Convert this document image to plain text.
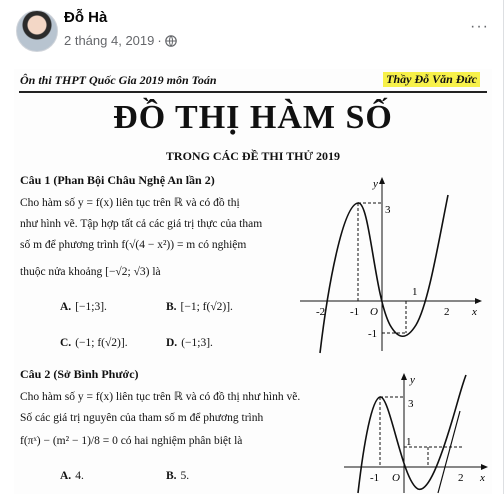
Đỗ Hà
2 tháng 4, 2019 ·
···
Ôn thi THPT Quốc Gia 2019 môn Toán	Thầy Đỗ Văn Đức
ĐỒ THỊ HÀM SỐ
TRONG CÁC ĐỀ THI THỬ 2019
Câu 1 (Phan Bội Châu Nghệ An lần 2)
Cho hàm số y = f(x) liên tục trên ℝ và có đồ thị
như hình vẽ. Tập hợp tất cả các giá trị thực của tham
số m để phương trình f(√(4 − x²)) = m có nghiệm
thuộc nửa khoảng [−√2; √3) là
A. [−1;3].	B. [−1; f(√2)].
C. (−1; f(√2)].	D. (−1;3].
y
x
O
3
-2 -1
1
2
-1
Câu 2 (Sở Bình Phước)
Cho hàm số y = f(x) liên tục trên ℝ và có đồ thị như hình vẽ.
Số các giá trị nguyên của tham số m để phương trình
f(πˣ) − (m² − 1)/8 = 0 có hai nghiệm phân biệt là
A. 4.	B. 5.
y
x
O
3
1
2
-1
